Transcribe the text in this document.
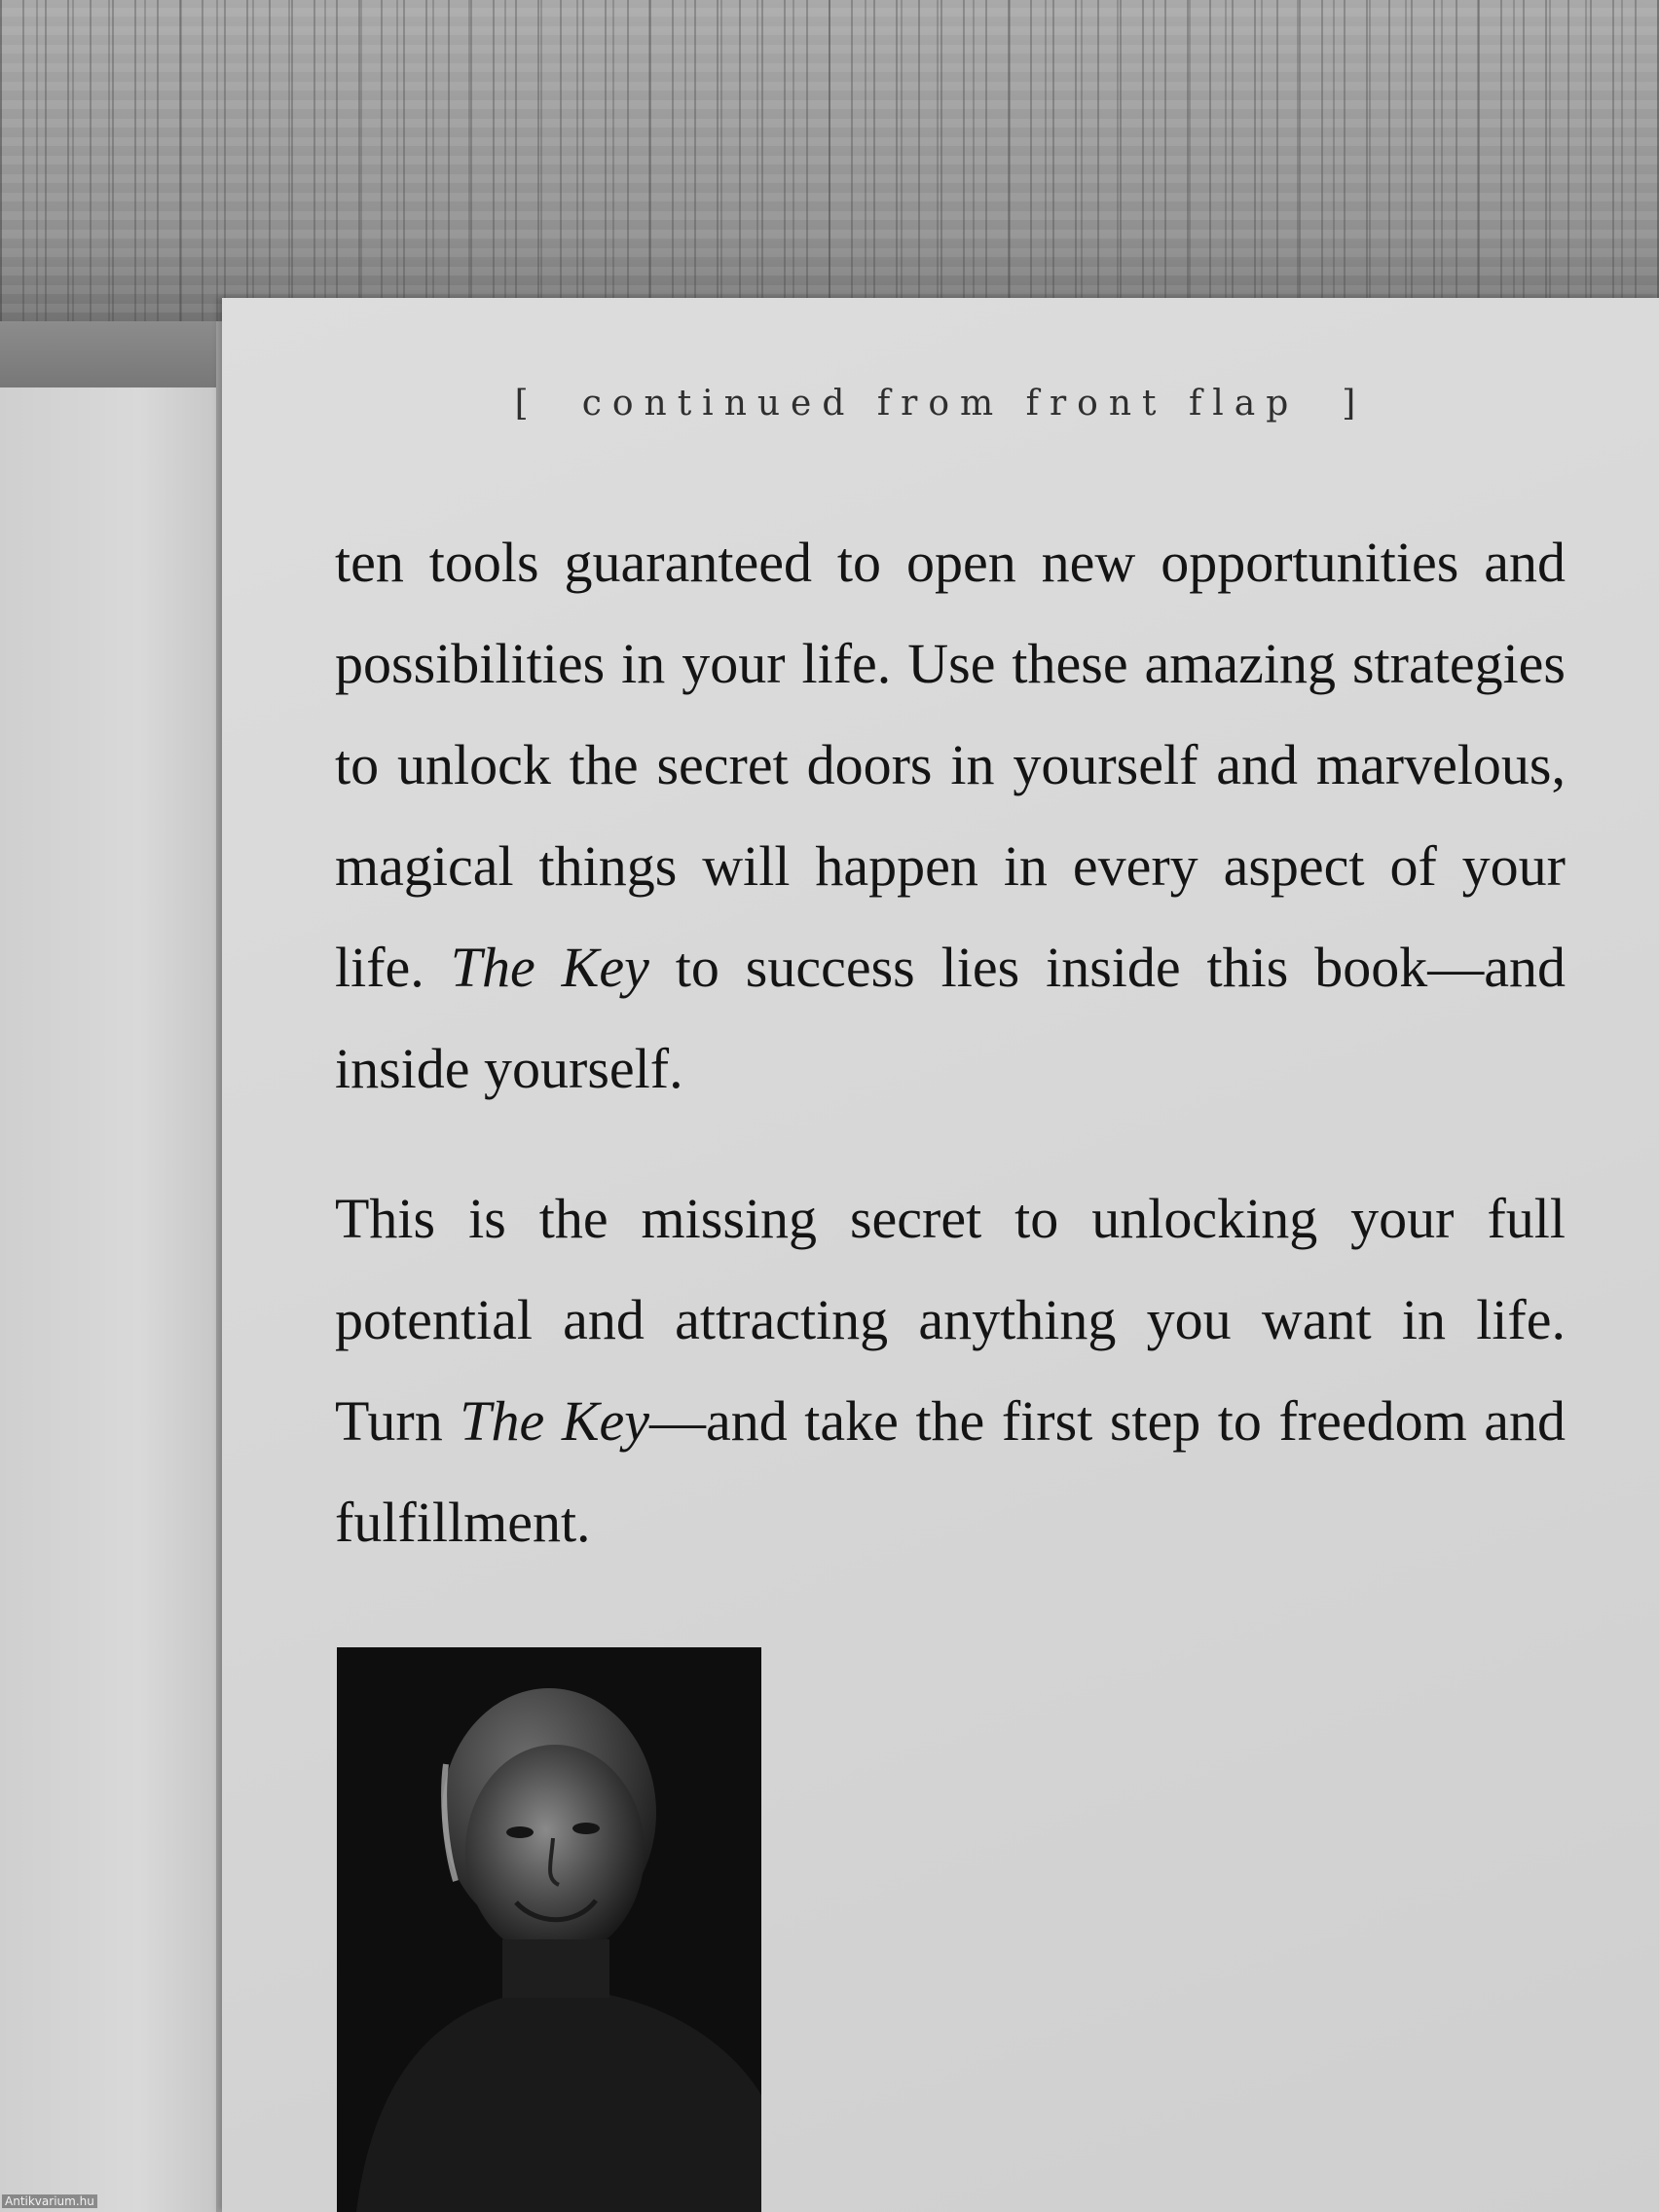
[ continued from front flap ]

ten tools guaranteed to open new opportunities and possibilities in your life. Use these amazing strategies to unlock the secret doors in yourself and marvelous, magical things will happen in every aspect of your life. The Key to success lies inside this book—and inside yourself.

This is the missing secret to unlocking your full potential and attracting anything you want in life. Turn The Key—and take the first step to freedom and fulfillment.

Antikvarium.hu
